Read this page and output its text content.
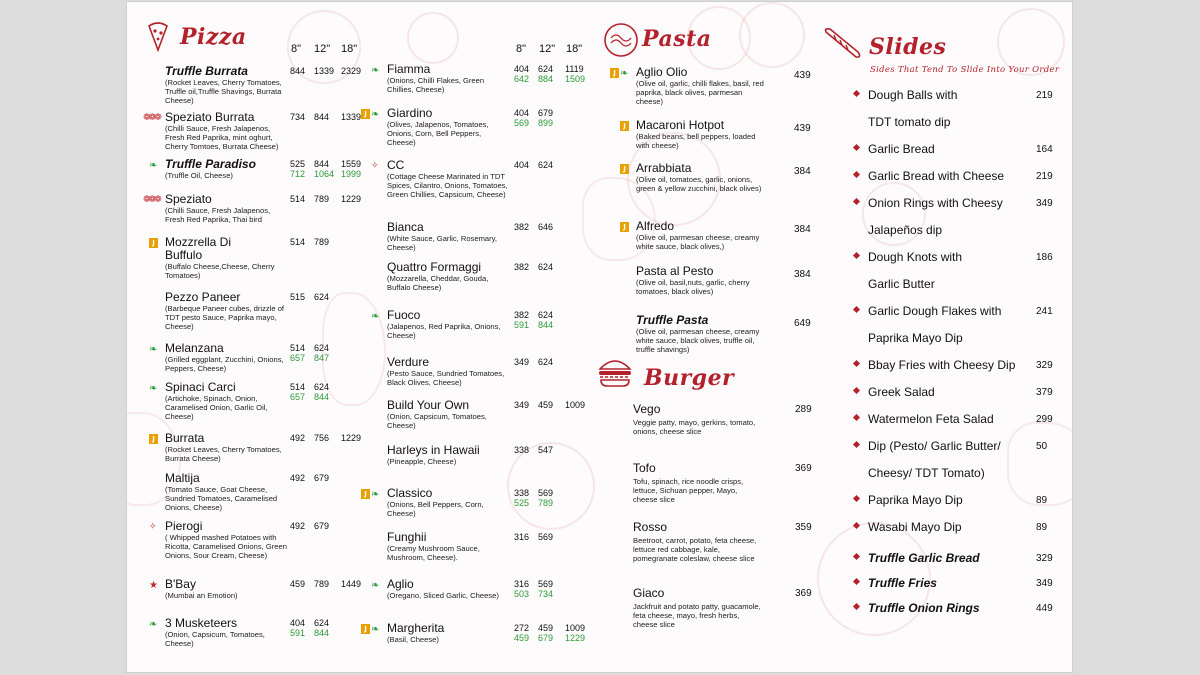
Pizza	8" 12" 18"	8" 12" 18"
Truffle Burrata
(Rocket Leaves, Cherry Tomatoes, Truffle oil,Truffle Shavings, Burrata Cheese)
844 1339 2329
❁❁❁ Speziato Burrata
(Chilli Sauce, Fresh Jalapenos, Fresh Red Paprika, mint oghurt, Cherry Tomtoes, Burrata Cheese)
734 844 1339
❧ Truffle Paradiso
(Truffle Oil, Cheese)
525 844 1559
712 1064 1999
❁❁❁ Speziato
(Chilli Sauce, Fresh Jalapenos, Fresh Red Paprika, Thai bird
514 789 1229
J Mozzrella Di Buffulo
(Buffalo Cheese,Cheese, Cherry Tomatoes)
514 789
Pezzo Paneer
(Barbeque Paneer cubes, drizzle of TDT pesto Sauce, Paprika mayo, Cheese)
515 624
❧ Melanzana
(Grilled eggplant, Zucchini, Onions, Peppers, Cheese)
514 624
657 847
❧ Spinaci Carci
(Artichoke, Spinach, Onion, Caramelised Onion, Garlic Oil, Cheese)
514 624
657 844
J Burrata
(Rocket Leaves, Cherry Tomatoes, Burrata Cheese)
492 756 1229
Maltija
(Tomato Sauce, Goat Cheese, Sundried Tomatoes, Caramelised Onions, Cheese)
492 679
✧ Pierogi
( Whipped mashed Potatoes with Ricotta, Caramelised Onions, Green Onions, Sour Cream, Cheese)
492 679
★ B'Bay
(Mumbai an Emotion)
459 789 1449
❧ 3 Musketeers
(Onion, Capsicum, Tomatoes, Cheese)
404 624
591 844
❧ Fiamma
(Onions, Chilli Flakes, Green Chillies, Cheese)
404 624 1119
642 884 1509
J ❧ Giardino
(Olives, Jalapenos, Tomatoes, Onions, Corn, Bell Peppers, Cheese)
404 679
569 899
✧ CC
(Cottage Cheese Marinated in TDT Spices, Cilantro, Onions, Tomatoes, Green Chillies, Capsicum, Cheese)
404 624
Bianca
(White Sauce, Garlic, Rosemary, Cheese)
382 646
Quattro Formaggi
(Mozzarella, Cheddar, Gouda, Buffalo Cheese)
382 624
❧ Fuoco
(Jalapenos, Red Paprika, Onions, Cheese)
382 624
591 844
Verdure
(Pesto Sauce, Sundried Tomatoes, Black Olives, Cheese)
349 624
Build Your Own
(Onion, Capsicum, Tomatoes, Cheese)
349 459 1009
Harleys in Hawaii
(Pineapple, Cheese)
338 547
J ❧ Classico
(Onions, Bell Peppers, Corn, Cheese)
338 569
525 789
Funghii
(Creamy Mushroom Sauce, Mushroom, Cheese).
316 569
❧ Aglio
(Oregano, Sliced Garlic, Cheese)
316 569
503 734
J ❧ Margherita
(Basil, Cheese)
272 459 1009
459 679 1229
Pasta
J ❧ Aglio Olio
(Olive oil, garlic, chilli flakes, basil, red paprika, black olives, parmesan cheese)
439
J Macaroni Hotpot
(Baked beans, bell peppers, loaded with cheese)
439
J Arrabbiata
(Olive oil, tomatoes, garlic, onions, green & yellow zucchini, black olives)
384
J Alfredo
(Olive oil, parmesan cheese, creamy white sauce, black olives,)
384
Pasta al Pesto
(Olive oil, basil,nuts, garlic, cherry tomatoes, black olives)
384
Truffle Pasta
(Olive oil, parmesan cheese, creamy white sauce, black olives, truffle oil, truffle shavings)
649
Burger
Vego
Veggie patty, mayo, gerkins, tomato, onions, cheese slice
289
Tofo
Tofu, spinach, rice noodle crisps, lettuce, Sichuan pepper, Mayo, cheese slice
369
Rosso
Beetroot, carrot, potato, feta cheese, lettuce red cabbage, kale, pomegranate coleslaw, cheese slice
359
Giaco
Jackfruit and potato patty, guacamole, feta cheese, mayo, fresh herbs, cheese slice
369
Slides
Sides That Tend To Slide Into Your Order
Dough Balls with
TDT tomato dip
219
Garlic Bread	164
Garlic Bread with Cheese	219
Onion Rings with Cheesy
Jalapeños dip
349
Dough Knots with
Garlic Butter
186
Garlic Dough Flakes with
Paprika Mayo Dip
241
Bbay Fries with Cheesy Dip 329
Greek Salad	379
Watermelon Feta Salad	299
Dip (Pesto/ Garlic Butter/
Cheesy/ TDT Tomato)
50
Paprika Mayo Dip	89
Wasabi Mayo Dip	89
Truffle Garlic Bread	329
Truffle Fries	349
Truffle Onion Rings	449
